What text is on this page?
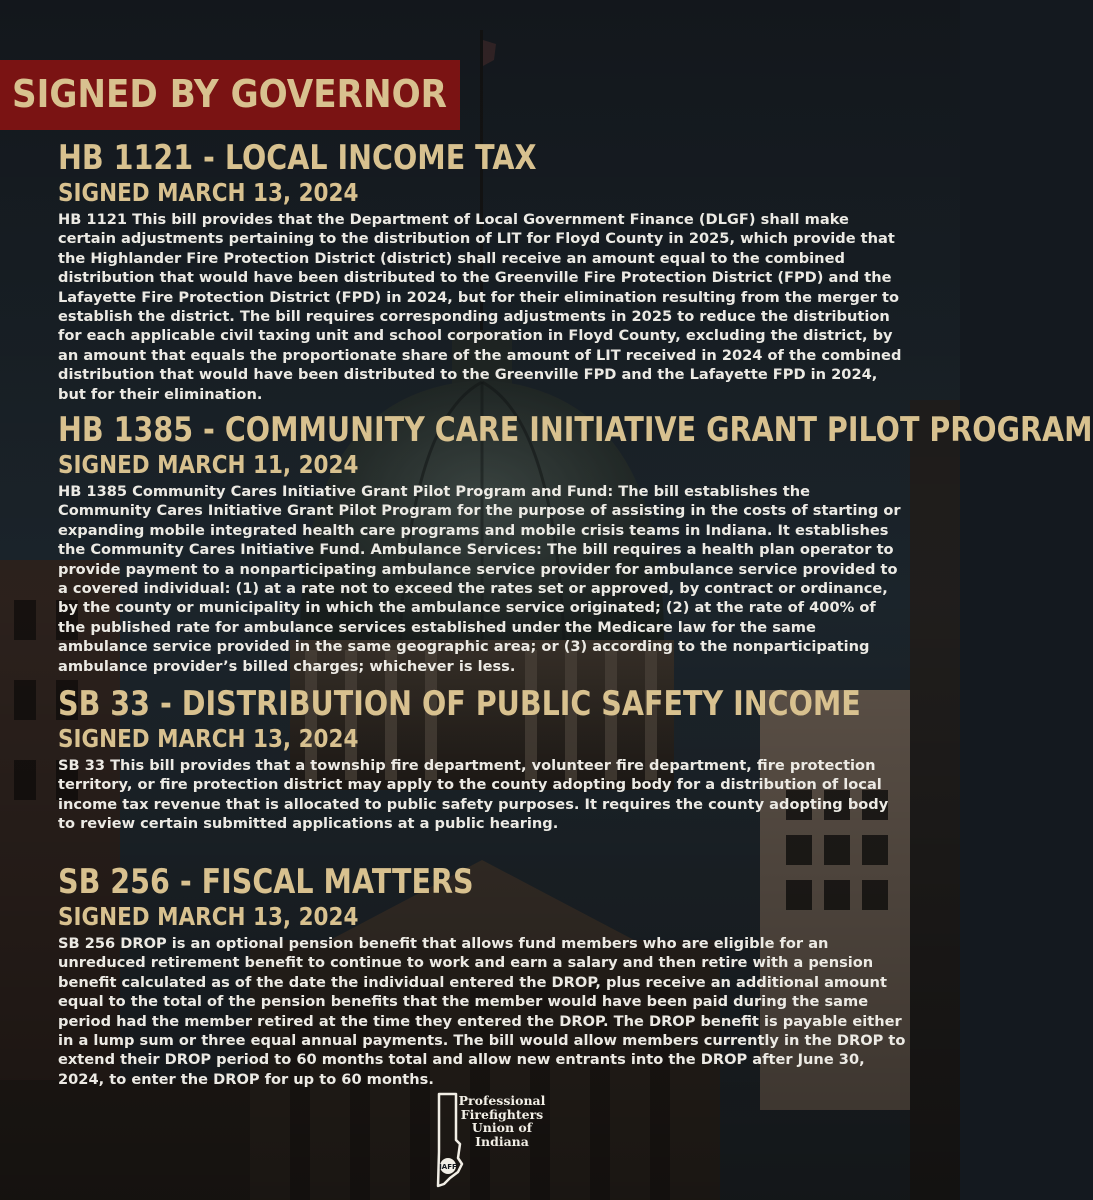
SIGNED BY GOVERNOR
HB 1121 - LOCAL INCOME TAX
SIGNED MARCH 13, 2024

HB 1121 This bill provides that the Department of Local Government Finance (DLGF) shall make certain adjustments pertaining to the distribution of LIT for Floyd County in 2025, which provide that the Highlander Fire Protection District (district) shall receive an amount equal to the combined distribution that would have been distributed to the Greenville Fire Protection District (FPD) and the Lafayette Fire Protection District (FPD) in 2024, but for their elimination resulting from the merger to establish the district. The bill requires corresponding adjustments in 2025 to reduce the distribution for each applicable civil taxing unit and school corporation in Floyd County, excluding the district, by an amount that equals the proportionate share of the amount of LIT received in 2024 of the combined distribution that would have been distributed to the Greenville FPD and the Lafayette FPD in 2024, but for their elimination.

HB 1385 - COMMUNITY CARE INITIATIVE GRANT PILOT PROGRAM
SIGNED MARCH 11, 2024

HB 1385 Community Cares Initiative Grant Pilot Program and Fund: The bill establishes the Community Cares Initiative Grant Pilot Program for the purpose of assisting in the costs of starting or expanding mobile integrated health care programs and mobile crisis teams in Indiana. It establishes the Community Cares Initiative Fund. Ambulance Services: The bill requires a health plan operator to provide payment to a nonparticipating ambulance service provider for ambulance service provided to a covered individual: (1) at a rate not to exceed the rates set or approved, by contract or ordinance, by the county or municipality in which the ambulance service originated; (2) at the rate of 400% of the published rate for ambulance services established under the Medicare law for the same ambulance service provided in the same geographic area; or (3) according to the nonparticipating ambulance provider’s billed charges; whichever is less.

SB 33 - DISTRIBUTION OF PUBLIC SAFETY INCOME
SIGNED MARCH 13, 2024

SB 33 This bill provides that a township fire department, volunteer fire department, fire protection territory, or fire protection district may apply to the county adopting body for a distribution of local income tax revenue that is allocated to public safety purposes. It requires the county adopting body to review certain submitted applications at a public hearing.

SB 256 - FISCAL MATTERS
SIGNED MARCH 13, 2024

SB 256 DROP is an optional pension benefit that allows fund members who are eligible for an unreduced retirement benefit to continue to work and earn a salary and then retire with a pension benefit calculated as of the date the individual entered the DROP, plus receive an additional amount equal to the total of the pension benefits that the member would have been paid during the same period had the member retired at the time they entered the DROP. The DROP benefit is payable either in a lump sum or three equal annual payments. The bill would allow members currently in the DROP to extend their DROP period to 60 months total and allow new entrants into the DROP after June 30, 2024, to enter the DROP for up to 60 months.

IAFF
Professional
Firefighters
Union of
Indiana
